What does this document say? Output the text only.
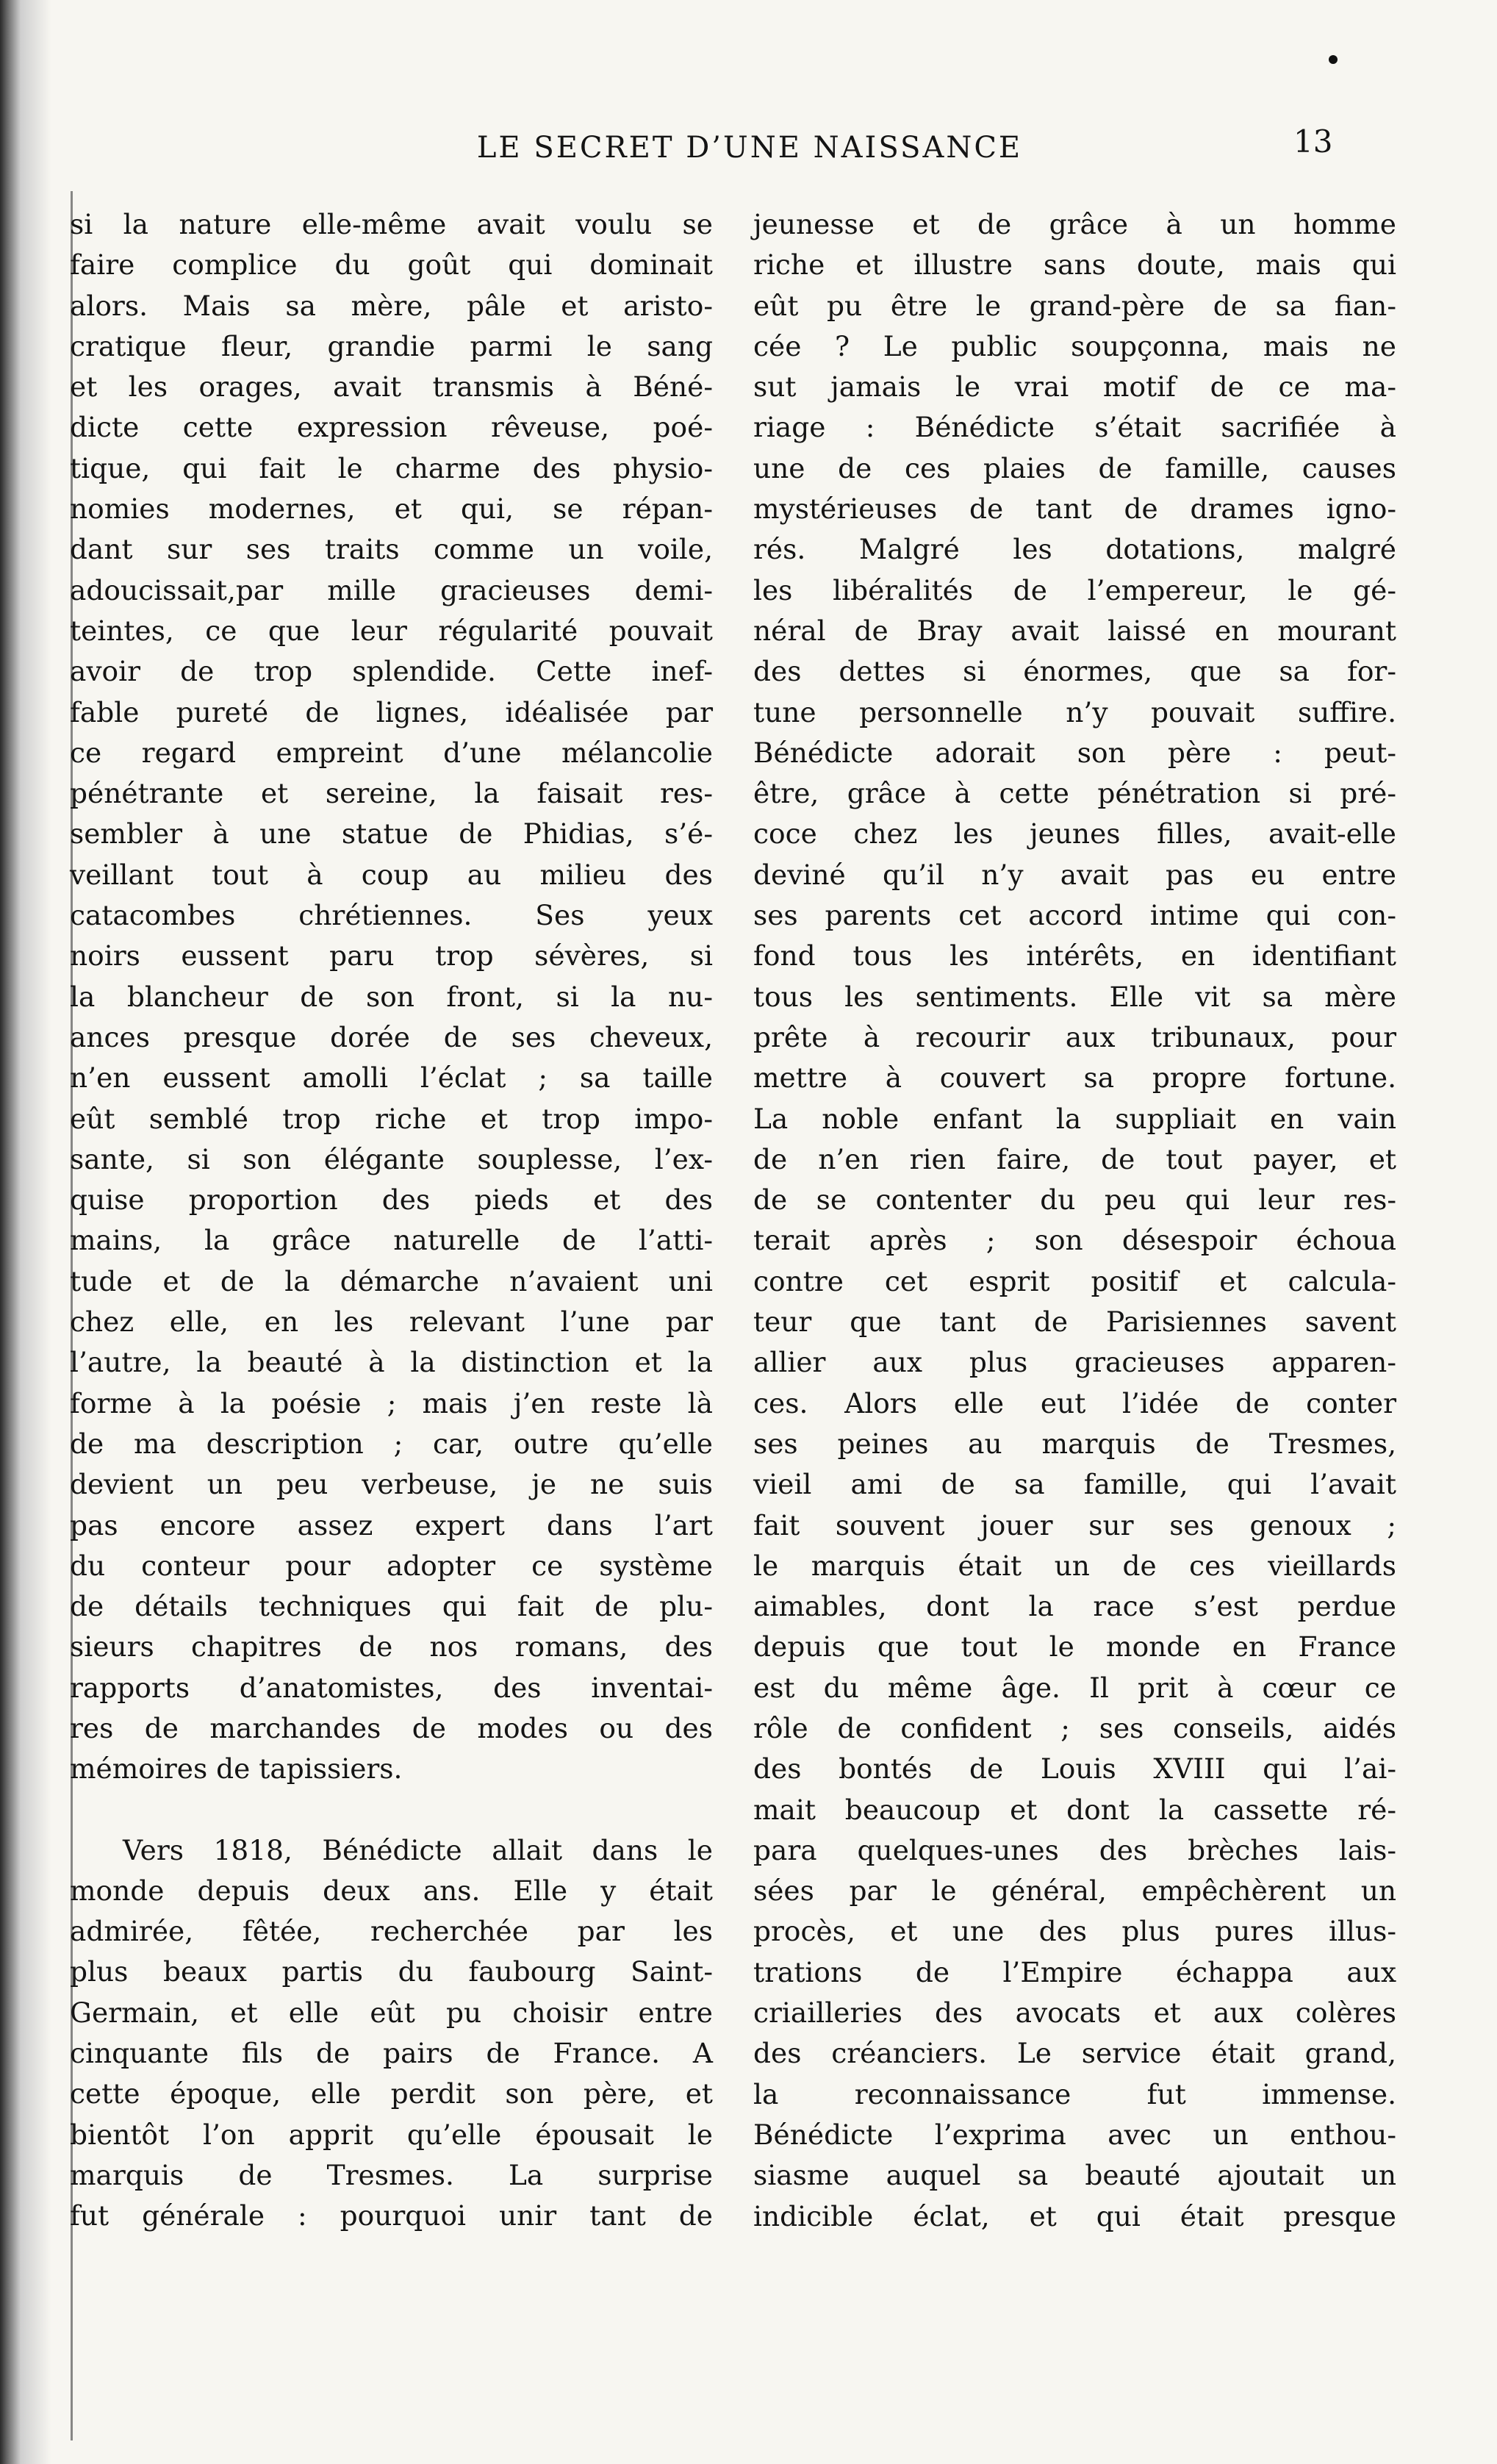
LE SECRET D’UNE NAISSANCE	13
si la nature elle-même avait voulu se
faire complice du goût qui dominait
alors. Mais sa mère, pâle et aristo-
cratique fleur, grandie parmi le sang
et les orages, avait transmis à Béné-
dicte cette expression rêveuse, poé-
tique, qui fait le charme des physio-
nomies modernes, et qui, se répan-
dant sur ses traits comme un voile,
adoucissait,par mille gracieuses demi-
teintes, ce que leur régularité pouvait
avoir de trop splendide. Cette inef-
fable pureté de lignes, idéalisée par
ce regard empreint d’une mélancolie
pénétrante et sereine, la faisait res-
sembler à une statue de Phidias, s’é-
veillant tout à coup au milieu des
catacombes chrétiennes. Ses yeux
noirs eussent paru trop sévères, si
la blancheur de son front, si la nu-
ances presque dorée de ses cheveux,
n’en eussent amolli l’éclat ; sa taille
eût semblé trop riche et trop impo-
sante, si son élégante souplesse, l’ex-
quise proportion des pieds et des
mains, la grâce naturelle de l’atti-
tude et de la démarche n’avaient uni
chez elle, en les relevant l’une par
l’autre, la beauté à la distinction et la
forme à la poésie ; mais j’en reste là
de ma description ; car, outre qu’elle
devient un peu verbeuse, je ne suis
pas encore assez expert dans l’art
du conteur pour adopter ce système
de détails techniques qui fait de plu-
sieurs chapitres de nos romans, des
rapports d’anatomistes, des inventai-
res de marchandes de modes ou des
mémoires de tapissiers.
Vers 1818, Bénédicte allait dans le
monde depuis deux ans. Elle y était
admirée, fêtée, recherchée par les
plus beaux partis du faubourg Saint-
Germain, et elle eût pu choisir entre
cinquante fils de pairs de France. A
cette époque, elle perdit son père, et
bientôt l’on apprit qu’elle épousait le
marquis de Tresmes. La surprise
fut générale : pourquoi unir tant de
jeunesse et de grâce à un homme
riche et illustre sans doute, mais qui
eût pu être le grand-père de sa fian-
cée ? Le public soupçonna, mais ne
sut jamais le vrai motif de ce ma-
riage : Bénédicte s’était sacrifiée à
une de ces plaies de famille, causes
mystérieuses de tant de drames igno-
rés. Malgré les dotations, malgré
les libéralités de l’empereur, le gé-
néral de Bray avait laissé en mourant
des dettes si énormes, que sa for-
tune personnelle n’y pouvait suffire.
Bénédicte adorait son père : peut-
être, grâce à cette pénétration si pré-
coce chez les jeunes filles, avait-elle
deviné qu’il n’y avait pas eu entre
ses parents cet accord intime qui con-
fond tous les intérêts, en identifiant
tous les sentiments. Elle vit sa mère
prête à recourir aux tribunaux, pour
mettre à couvert sa propre fortune.
La noble enfant la suppliait en vain
de n’en rien faire, de tout payer, et
de se contenter du peu qui leur res-
terait après ; son désespoir échoua
contre cet esprit positif et calcula-
teur que tant de Parisiennes savent
allier aux plus gracieuses apparen-
ces. Alors elle eut l’idée de conter
ses peines au marquis de Tresmes,
vieil ami de sa famille, qui l’avait
fait souvent jouer sur ses genoux ;
le marquis était un de ces vieillards
aimables, dont la race s’est perdue
depuis que tout le monde en France
est du même âge. Il prit à cœur ce
rôle de confident ; ses conseils, aidés
des bontés de Louis XVIII qui l’ai-
mait beaucoup et dont la cassette ré-
para quelques-unes des brèches lais-
sées par le général, empêchèrent un
procès, et une des plus pures illus-
trations de l’Empire échappa aux
criailleries des avocats et aux colères
des créanciers. Le service était grand,
la reconnaissance fut immense.
Bénédicte l’exprima avec un enthou-
siasme auquel sa beauté ajoutait un
indicible éclat, et qui était presque
